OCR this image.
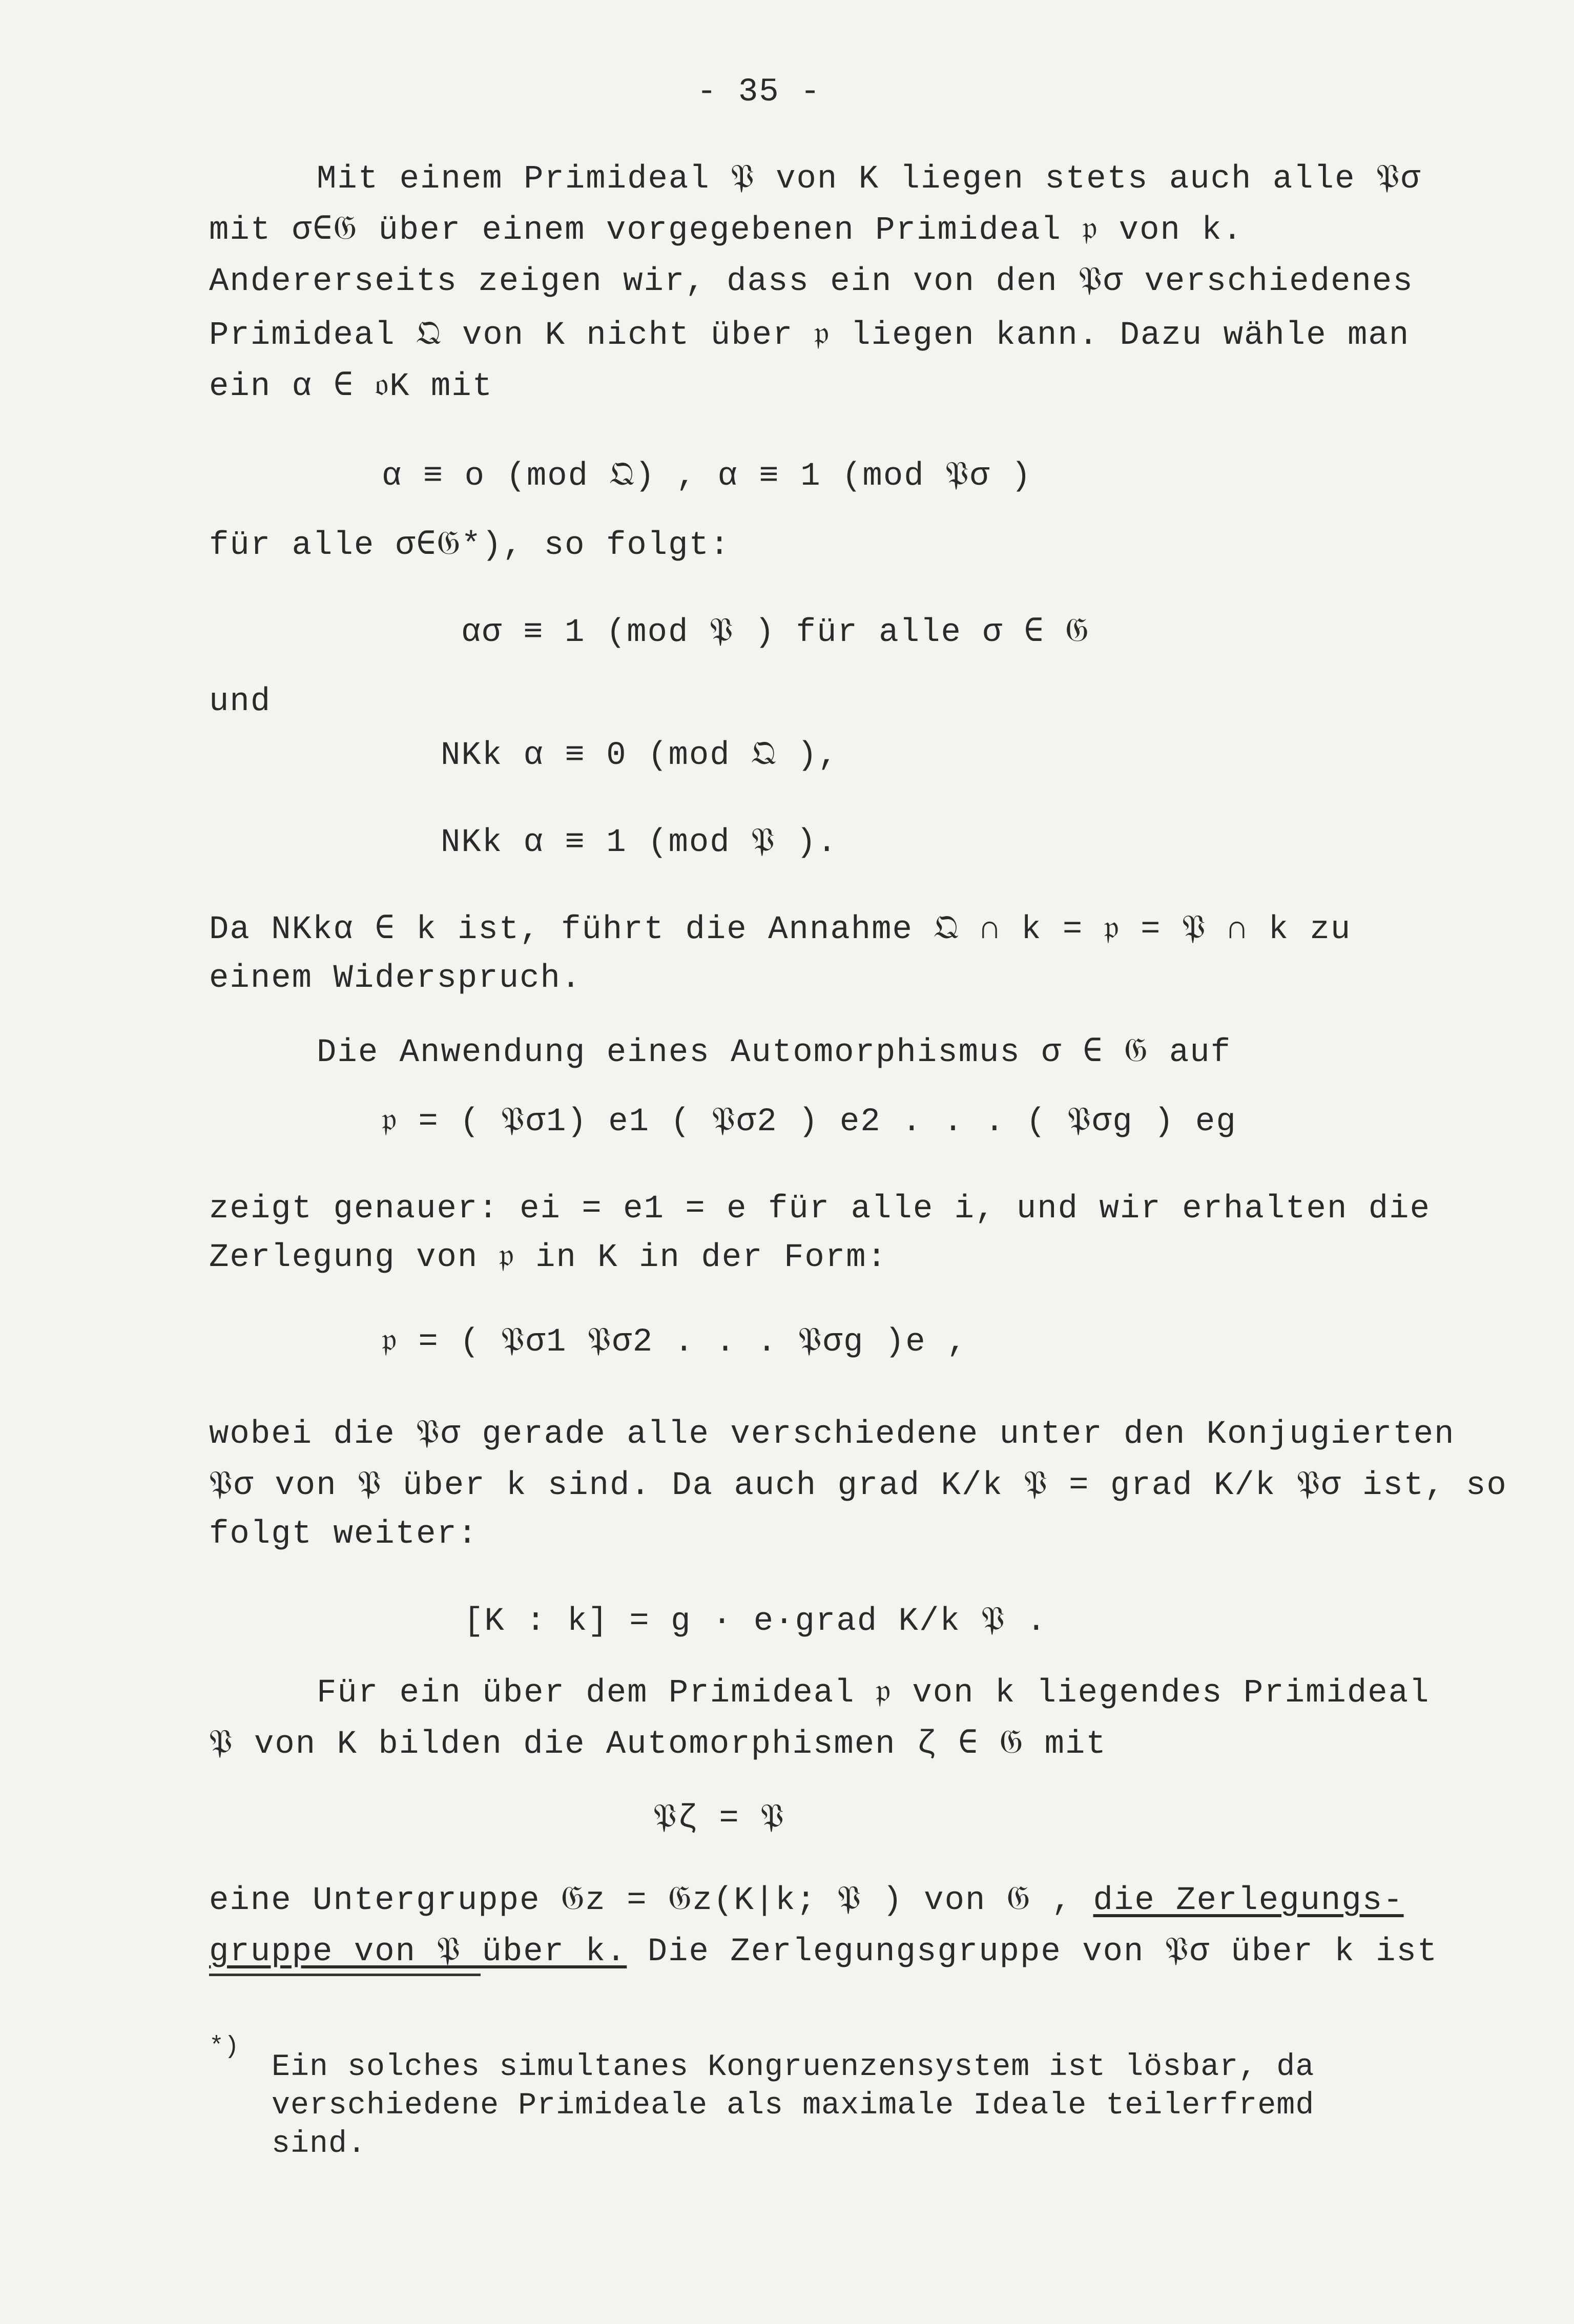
- 35 -
Mit einem Primideal 𝔓 von K liegen stets auch alle 𝔓σ
mit σ∈𝔊 über einem vorgegebenen Primideal 𝔭 von k.
Andererseits zeigen wir, dass ein von den 𝔓σ verschiedenes
Primideal 𝔔 von K nicht über 𝔭 liegen kann. Dazu wähle man
ein α ∈ 𝔬K mit
α ≡ o (mod 𝔔) , α ≡ 1 (mod 𝔓σ )
für alle σ∈𝔊*), so folgt:
ασ ≡ 1 (mod 𝔓 ) für alle σ ∈ 𝔊
und
NKk α ≡ 0 (mod 𝔔 ),
NKk α ≡ 1 (mod 𝔓 ).
Da NKkα ∈ k ist, führt die Annahme 𝔔 ∩ k = 𝔭 = 𝔓 ∩ k zu
einem Widerspruch.
Die Anwendung eines Automorphismus σ ∈ 𝔊 auf
𝔭 = ( 𝔓σ1) e1 ( 𝔓σ2 ) e2 . . . ( 𝔓σg ) eg
zeigt genauer: ei = e1 = e für alle i, und wir erhalten die
Zerlegung von 𝔭 in K in der Form:
𝔭 = ( 𝔓σ1 𝔓σ2 . . . 𝔓σg )e ,
wobei die 𝔓σ gerade alle verschiedene unter den Konjugierten
𝔓σ von 𝔓 über k sind. Da auch grad K/k 𝔓 = grad K/k 𝔓σ ist, so
folgt weiter:
[K : k] = g · e·grad K/k 𝔓 .
Für ein über dem Primideal 𝔭 von k liegendes Primideal
𝔓 von K bilden die Automorphismen ζ ∈ 𝔊 mit
𝔓ζ = 𝔓
eine Untergruppe 𝔊z = 𝔊z(K|k; 𝔓 ) von 𝔊 , die Zerlegungs-
gruppe von 𝔓 über k. Die Zerlegungsgruppe von 𝔓σ über k ist
*)
Ein solches simultanes Kongruenzensystem ist lösbar, da
verschiedene Primideale als maximale Ideale teilerfremd
sind.
